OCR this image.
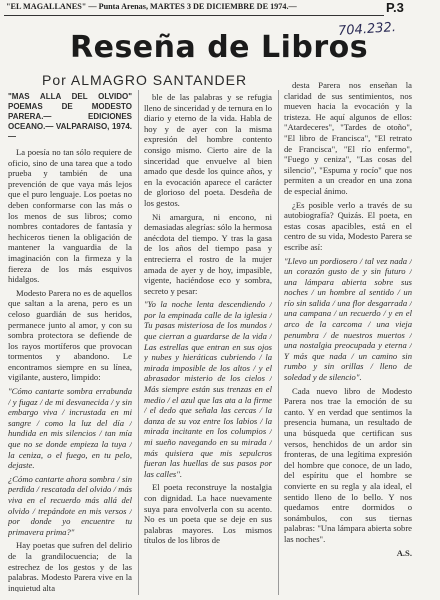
"EL MAGALLANES" — Punta Arenas, MARTES 3 DE DICIEMBRE DE 1974.—	P.3
704.232.
Reseña de Libros
Por ALMAGRO SANTANDER

"MAS ALLA DEL OLVIDO" POEMAS DE MODESTO PARERA.— EDICIONES OCEANO.— VALPARAISO, 1974.—

La poesía no tan sólo requiere de oficio, sino de una tarea que a todo prueba y también de una prevención de que vaya más lejos que el puro lenguaje. Los poetas no deben conformarse con las más o los menos de sus libros; como nombres contadores de fantasía y hechiceros tienen la obligación de mantener la vanguardia de la imaginación con la firmeza y la fiereza de los más esquivos hidalgos.

Modesto Parera no es de aquellos que saltan a la arena, pero es un celoso guardián de sus heridos, permanece junto al amor, y con su sombra protectora se defiende de los rayos mortíferos que provocan tormentos y abandono. Le encontramos siempre en su línea, vigilante, austero, limpido:

"Cómo cantarte sombra errabunda / y fugaz / de mi desvanecida / y sin embargo viva / incrustada en mi sangre / como la luz del día / hundida en mis silencios / tan mía que no se donde empieza la tuya / la ceniza, o el fuego, en tu pelo, dejaste.

¿Cómo cantarte ahora sombra / sin perdida / rescatada del olvido / más viva en el recuerdo más allá del olvido / trepándote en mis versos / por donde yo encuentre tu primavera prima?"

Hay poetas que sufren del delirio de la grandilocuencia; de la estrechez de los gestos y de las palabras. Modesto Parera vive en la inquietud alta

ble de las palabras y se refugia lleno de sinceridad y de ternura en lo diario y eterno de la vida. Habla de hoy y de ayer con la misma expresión del hombre contento consigo mismo. Cierto aire de la sinceridad que envuelve al bien amado que desde los quince años, y en la evocación aparece el carácter de glorioso del poeta. Desdeña de los gestos.

Ni amargura, ni encono, ni demasiadas alegrías: sólo la hermosa anécdota del tiempo. Y tras la gasa de los años del tiempo pasa y entrecierra el rostro de la mujer amada de ayer y de hoy, impasible, vigente, haciéndose eco y sombra, secreto y pesar:

"Yo la noche lenta descendiendo / por la empinada calle de la iglesia / Tu pasas misteriosa de los mundos / que cierran a guardarse de la vida / Las estrellas que entran en sus ojos y nubes y hieráticas cubriendo / la mirada imposible de los altos / y el abrasador misterio de los cielos / Más siempre están sus trenzas en el medio / el azul que las ata a la firme / el dedo que señala las cercas / la danza de su voz entre los labios / la mirada incitante en los columpios / mi sueño navegando en su mirada / más quisiera que mis sepulcros fueran las huellas de sus pasos por las calles".

El poeta reconstruye la nostalgia con dignidad. La hace nuevamente suya para envolverla con su acento. No es un poeta que se deje en sus palabras mayores. Los mismos títulos de los libros de

desta Parera nos enseñan la claridad de sus sentimientos, nos mueven hacia la evocación y la tristeza. He aquí algunos de ellos: "Atardeceres", "Tardes de otoño", "El libro de Francisca", "El retrato de Francisca", "El río enfermo", "Fuego y ceniza", "Las cosas del silencio", "Espuma y rocío" que nos permiten a un creador en una zona de especial ánimo.

¿Es posible verlo a través de su autobiografía? Quizás. El poeta, en estas cosas apacibles, está en el centro de su vida, Modesto Parera se escribe así:

"Llevo un pordiosero / tal vez nada / un corazón gusto de y sin futuro / una lámpara abierta sobre sus noches / un hombre al sentido / un río sin salida / una flor desgarrada / una campana / un recuerdo / y en el arco de la carcoma / una vieja penumbra / de nuestros muertos / una nostalgia preocupada y eterna / Y más que nada / un camino sin rumbo y sin orillas / lleno de soledad y de silencio".

Cada nuevo libro de Modesto Parera nos trae la emoción de su canto. Y en verdad que sentimos la presencia humana, un resultado de una búsqueda que certifican sus versos, henchidos de un ardor sin fronteras, de una legítima expresión del hombre que conoce, de un lado, del espíritu que el hombre se convierte en su regla y ala ideal, el sentido lleno de lo bello. Y nos quedamos entre dormidos o sonámbulos, con sus tiernas palabras: "Una lámpara abierta sobre las noches".

A.S.
